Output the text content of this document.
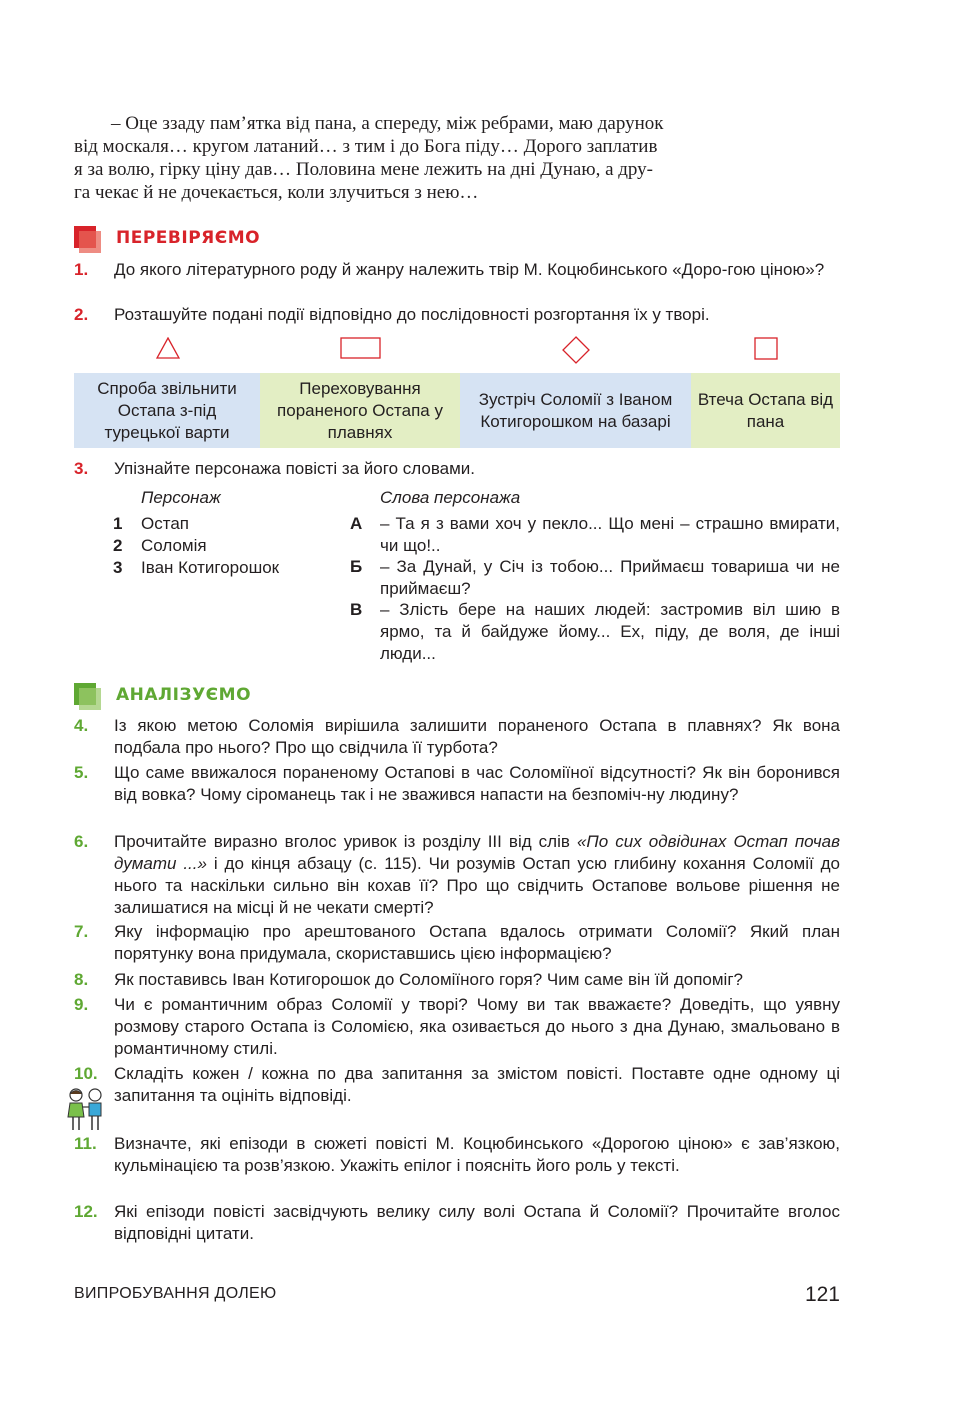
– Оце ззаду пам’ятка від пана, а спереду, між ребрами, маю дарунок

від москаля… кругом латаний… з тим і до Бога піду… Дорого заплатив

я за волю, гірку ціну дав… Половина мене лежить на дні Дунаю, а дру-

га чекає й не дочекається, коли злучиться з нею…

ПЕРЕВІРЯЄМО
1.	До якого літературного роду й жанру належить твір М. Коцюбинського «Доро-гою ціною»?
2.	Розташуйте подані події відповідно до послідовності розгортання їх у творі.
Спроба звільнити Остапа з-під турецької варти
Переховування пораненого Остапа у плавнях
Зустріч Соломії з Іваном Котигорошком на базарі
Втеча Остапа від пана
3.	Упізнайте персонажа повісті за його словами.
Персонаж	Слова персонажа
1 Остап
2 Соломія
3 Іван Котигорошок
А – Та я з вами хоч у пекло... Що мені – страшно вмирати, чи що!..
Б – За Дунай, у Січ із тобою... Приймаєш товариша чи не приймаєш?
В – Злість бере на наших людей: застромив віл шию в ярмо, та й байдуже йому... Ех, піду, де воля, де інші люди...
АНАЛІЗУЄМО
4.	Із якою метою Соломія вирішила залишити пораненого Остапа в плавнях? Як вона подбала про нього? Про що свідчила її турбота?
5.	Що саме ввижалося пораненому Остапові в час Соломіїної відсутності? Як він боронився від вовка? Чому сіроманець так і не зважився напасти на безпоміч-ну людину?
6.	Прочитайте виразно вголос уривок із розділу III від слів «По сих одвідинах Остап почав думати ...» і до кінця абзацу (с. 115). Чи розумів Остап усю глибину кохання Соломії до нього та наскільки сильно він кохав її? Про що свідчить Остапове вольове рішення не залишатися на місці й не чекати смерті?
7.	Яку інформацію про арештованого Остапа вдалось отримати Соломії? Який план порятунку вона придумала, скориставшись цією інформацією?
8.	Як поставивсь Іван Котигорошок до Соломіїного горя? Чим саме він їй допоміг?
9.	Чи є романтичним образ Соломії у творі? Чому ви так вважаєте? Доведіть, що уявну розмову старого Остапа із Соломією, яка озивається до нього з дна Дунаю, змальовано в романтичному стилі.
10. Складіть кожен / кожна по два запитання за змістом повісті. Поставте одне одному ці запитання та оцініть відповіді.
11.	Визначте, які епізоди в сюжеті повісті М. Коцюбинського «Дорогою ціною» є зав’язкою, кульмінацією та розв’язкою. Укажіть епілог і поясніть його роль у тексті.
12. Які епізоди повісті засвідчують велику силу волі Остапа й Соломії? Прочитайте вголос відповідні цитати.
ВИПРОБУВАННЯ ДОЛЕЮ	121
